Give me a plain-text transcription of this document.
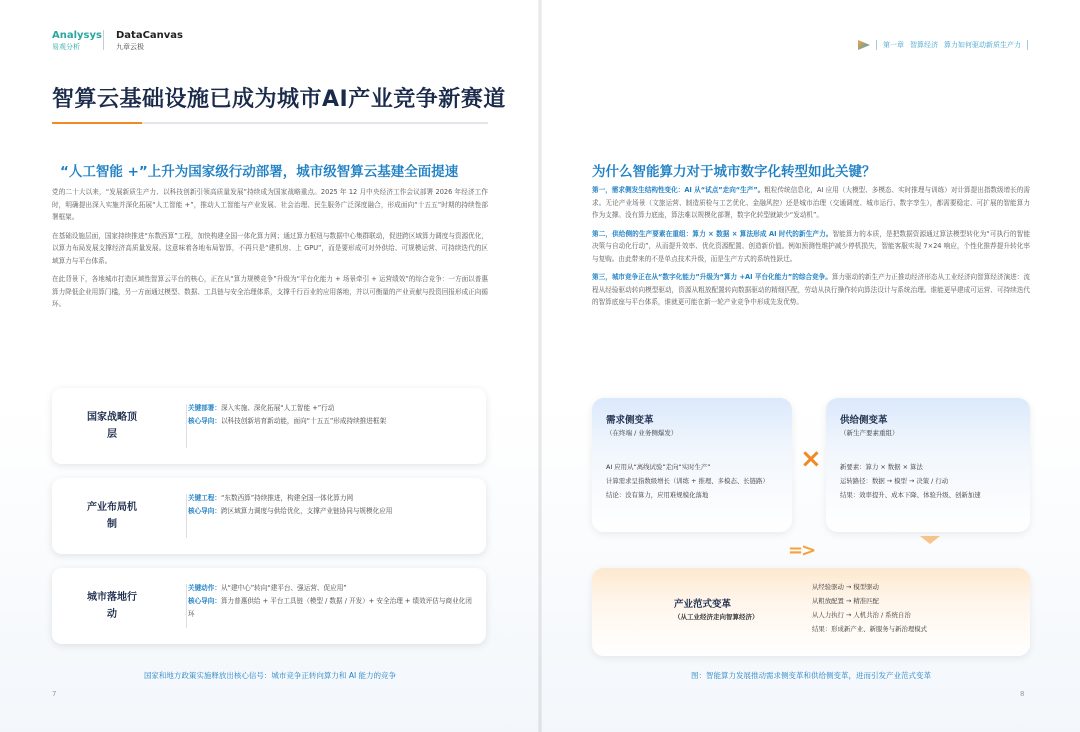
Analysys
易观分析
DataCanvas
九章云极
智算云基础设施已成为城市AI产业竞争新赛道
“人工智能 +”上升为国家级行动部署，城市级智算云基建全面提速

党的二十大以来，“发展新质生产力、以科技创新引领高质量发展”持续成为国家战略重点。2025 年 12 月中央经济工作会议部署 2026 年经济工作时，明确提出深入实施并深化拓展“人工智能 +”，推动人工智能与产业发展、社会治理、民生服务广泛深度融合，形成面向“十五五”时期的持续性部署框架。

在基础设施层面，国家持续推进“东数西算”工程，加快构建全国一体化算力网；通过算力枢纽与数据中心集群联动，促进跨区域算力调度与资源优化，以算力布局发展支撑经济高质量发展。这意味着各地布局智算，不再只是“建机房、上 GPU”，而是要形成可对外供给、可规模运营、可持续迭代的区域算力与平台体系。

在此背景下，各地城市打造区域性智算云平台的核心，正在从“算力规模竞争”升级为“平台化能力 + 场景牵引 + 运营绩效”的综合竞争：一方面以普惠算力降低企业用算门槛，另一方面通过模型、数据、工具链与安全治理体系，支撑千行百业的应用落地，并以可衡量的产业贡献与投资回报形成正向循环。

国家战略顶层
关键部署：深入实施、深化拓展“人工智能 +”行动
核心导向：以科技创新培育新动能，面向“十五五”形成持续推进框架
产业布局机制
关键工程：“东数西算”持续推进，构建全国一体化算力网
核心导向：跨区域算力调度与供给优化，支撑产业链协同与规模化应用
城市落地行动
关键动作：从“建中心”转向“建平台、强运营、促应用”
核心导向：算力普惠供给 + 平台工具链（模型 / 数据 / 开发）+ 安全治理 + 绩效评估与商业化闭环
国家和地方政策实施释放出核心信号：城市竞争正转向算力和 AI 能力的竞争
7
第一章 智算经济 算力如何驱动新质生产力
为什么智能算力对于城市数字化转型如此关键？

第一，需求侧发生结构性变化：AI 从“试点”走向“生产”。粗粒传统信息化，AI 应用（大模型、多模态、实时推理与训练）对计算提出指数级增长的需求。无论产业场景（文旅运营、制造质检与工艺优化、金融风控）还是城市治理（交通调度、城市运行、数字孪生），都需要稳定、可扩展的智能算力作为支撑。没有算力底座，算法难以规模化部署，数字化转型就缺少“发动机”。

第二，供给侧的生产要素在重组：算力 × 数据 × 算法形成 AI 时代的新生产力。智能算力的本质，是把数据资源通过算法模型转化为“可执行的智能决策与自动化行动”，从而提升效率、优化资源配置、创造新价值。例如预测性维护减少停机损失，智能客服实现 7×24 响应，个性化推荐提升转化率与复购。由此带来的不是单点技术升级，而是生产方式的系统性跃迁。

第三，城市竞争正在从“数字化能力”升级为“算力 +AI 平台化能力”的综合竞争。算力驱动的新生产力正推动经济形态从工业经济向智算经济演进：流程从经验驱动转向模型驱动，资源从粗放配置转向数据驱动的精细匹配，劳动从执行操作转向算法设计与系统治理。谁能更早建成可运营、可持续迭代的智算底座与平台体系，谁就更可能在新一轮产业竞争中形成先发优势。

需求侧变革
（在终端 / 业务侧爆发）
AI 应用从“离线试验”走向“实时生产”
计算需求呈指数级增长（训练 + 推理、多模态、长链路）
结论：没有算力，应用难规模化落地
×
供给侧变革
（新生产要素重组）
新要素：算力 × 数据 × 算法
运转路径：数据 → 模型 → 决策 / 行动
结果：效率提升、成本下降、体验升级、创新加速
=>
产业范式变革
（从工业经济走向智算经济）
从经验驱动 → 模型驱动
从粗放配置 → 精准匹配
从人力执行 → 人机共治 / 系统自治
结果：形成新产业、新服务与新治理模式
图：智能算力发展推动需求侧变革和供给侧变革，进而引发产业范式变革
8
